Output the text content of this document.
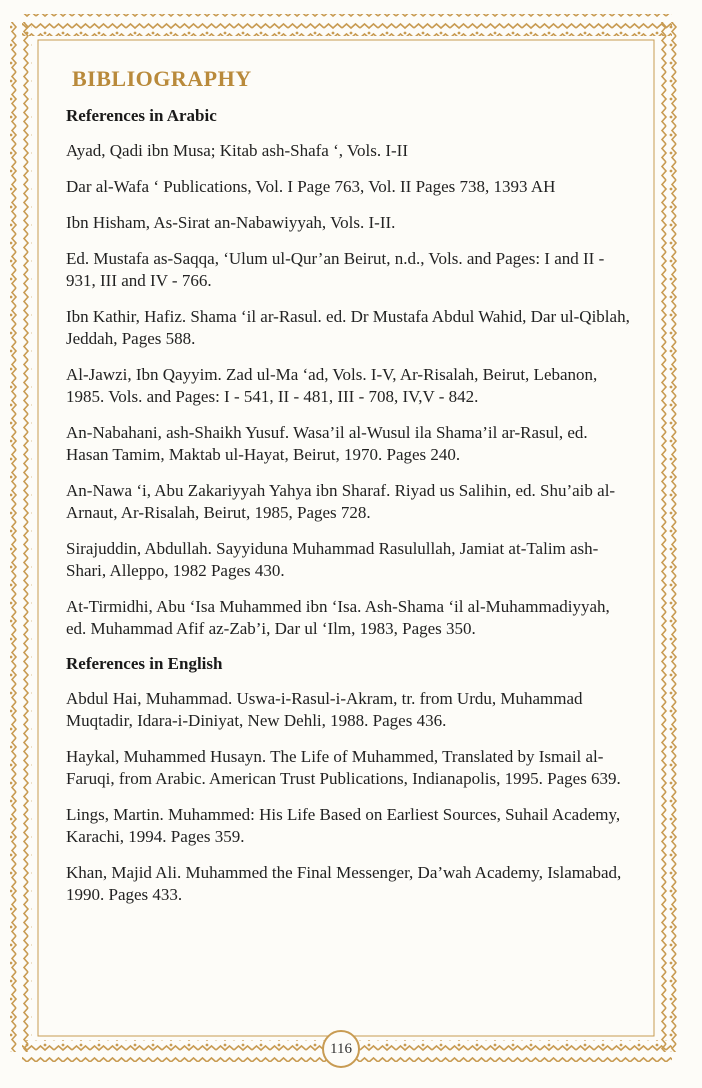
BIBLIOGRAPHY
References in Arabic
Ayad, Qadi ibn Musa; Kitab ash-Shafa ‘, Vols. I-II
Dar al-Wafa ‘ Publications, Vol. I Page 763, Vol. II Pages 738, 1393 AH
Ibn Hisham, As-Sirat an-Nabawiyyah, Vols. I-II.
Ed. Mustafa as-Saqqa, ‘Ulum ul-Qur’an Beirut, n.d., Vols. and Pages: I and II - 931, III and IV - 766.
Ibn Kathir, Hafiz. Shama ‘il ar-Rasul. ed. Dr Mustafa Abdul Wahid, Dar ul-Qiblah, Jeddah, Pages 588.
Al-Jawzi, Ibn Qayyim. Zad ul-Ma ‘ad, Vols. I-V, Ar-Risalah, Beirut, Lebanon, 1985. Vols. and Pages: I - 541, II - 481, III - 708, IV,V - 842.
An-Nabahani, ash-Shaikh Yusuf. Wasa’il al-Wusul ila Shama’il ar-Rasul, ed. Hasan Tamim, Maktab ul-Hayat, Beirut, 1970. Pages 240.
An-Nawa ‘i, Abu Zakariyyah Yahya ibn Sharaf. Riyad us Salihin, ed. Shu’aib al-Arnaut, Ar-Risalah, Beirut, 1985, Pages 728.
Sirajuddin, Abdullah. Sayyiduna Muhammad Rasulullah, Jamiat at-Talim ash-Shari, Alleppo, 1982 Pages 430.
At-Tirmidhi, Abu ‘Isa Muhammed ibn ‘Isa. Ash-Shama ‘il al-Muhammadiyyah, ed. Muhammad Afif az-Zab’i, Dar ul ‘Ilm, 1983, Pages 350.
References in English
Abdul Hai, Muhammad. Uswa-i-Rasul-i-Akram, tr. from Urdu, Muhammad Muqtadir, Idara-i-Diniyat, New Dehli, 1988. Pages 436.
Haykal, Muhammed Husayn. The Life of Muhammed, Translated by Ismail al-Faruqi, from Arabic. American Trust Publications, Indianapolis, 1995. Pages 639.
Lings, Martin. Muhammed: His Life Based on Earliest Sources, Suhail Academy, Karachi, 1994. Pages 359.
Khan, Majid Ali. Muhammed the Final Messenger, Da’wah Academy, Islamabad, 1990. Pages 433.
116
